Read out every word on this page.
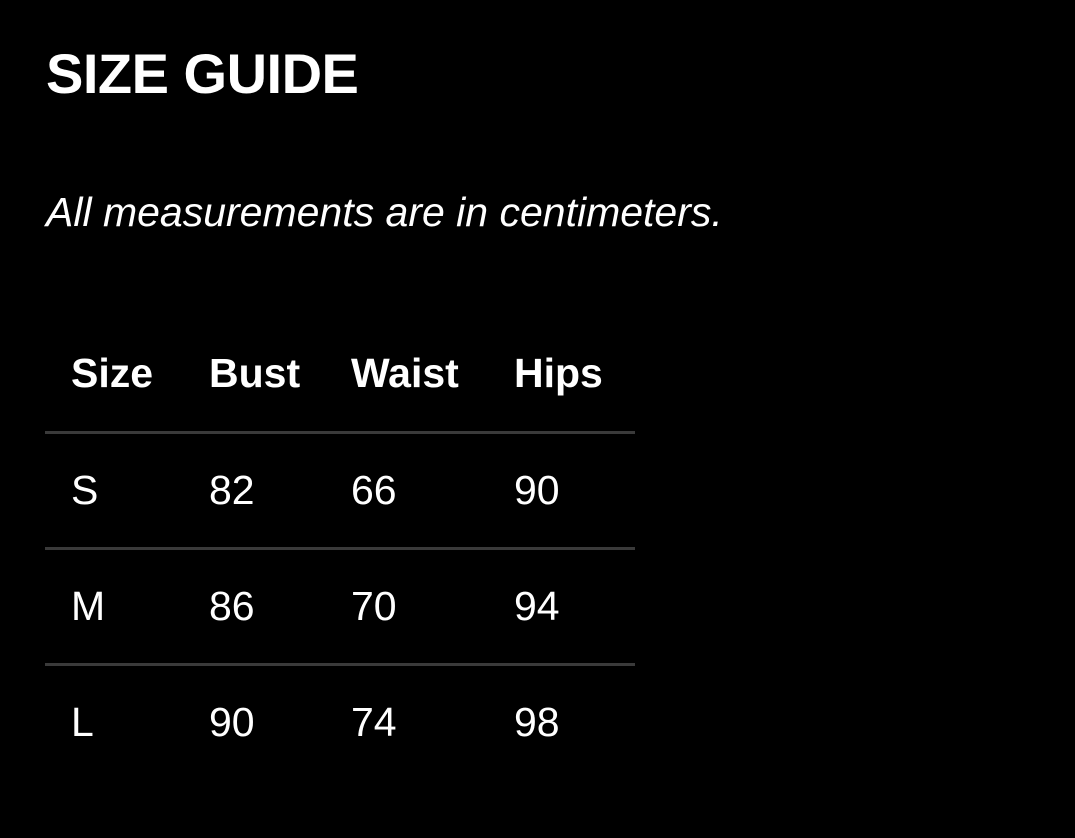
SIZE GUIDE

All measurements are in centimeters.

Size	Bust	Waist	Hips
S	82	66	90
M	86	70	94
L	90	74	98
